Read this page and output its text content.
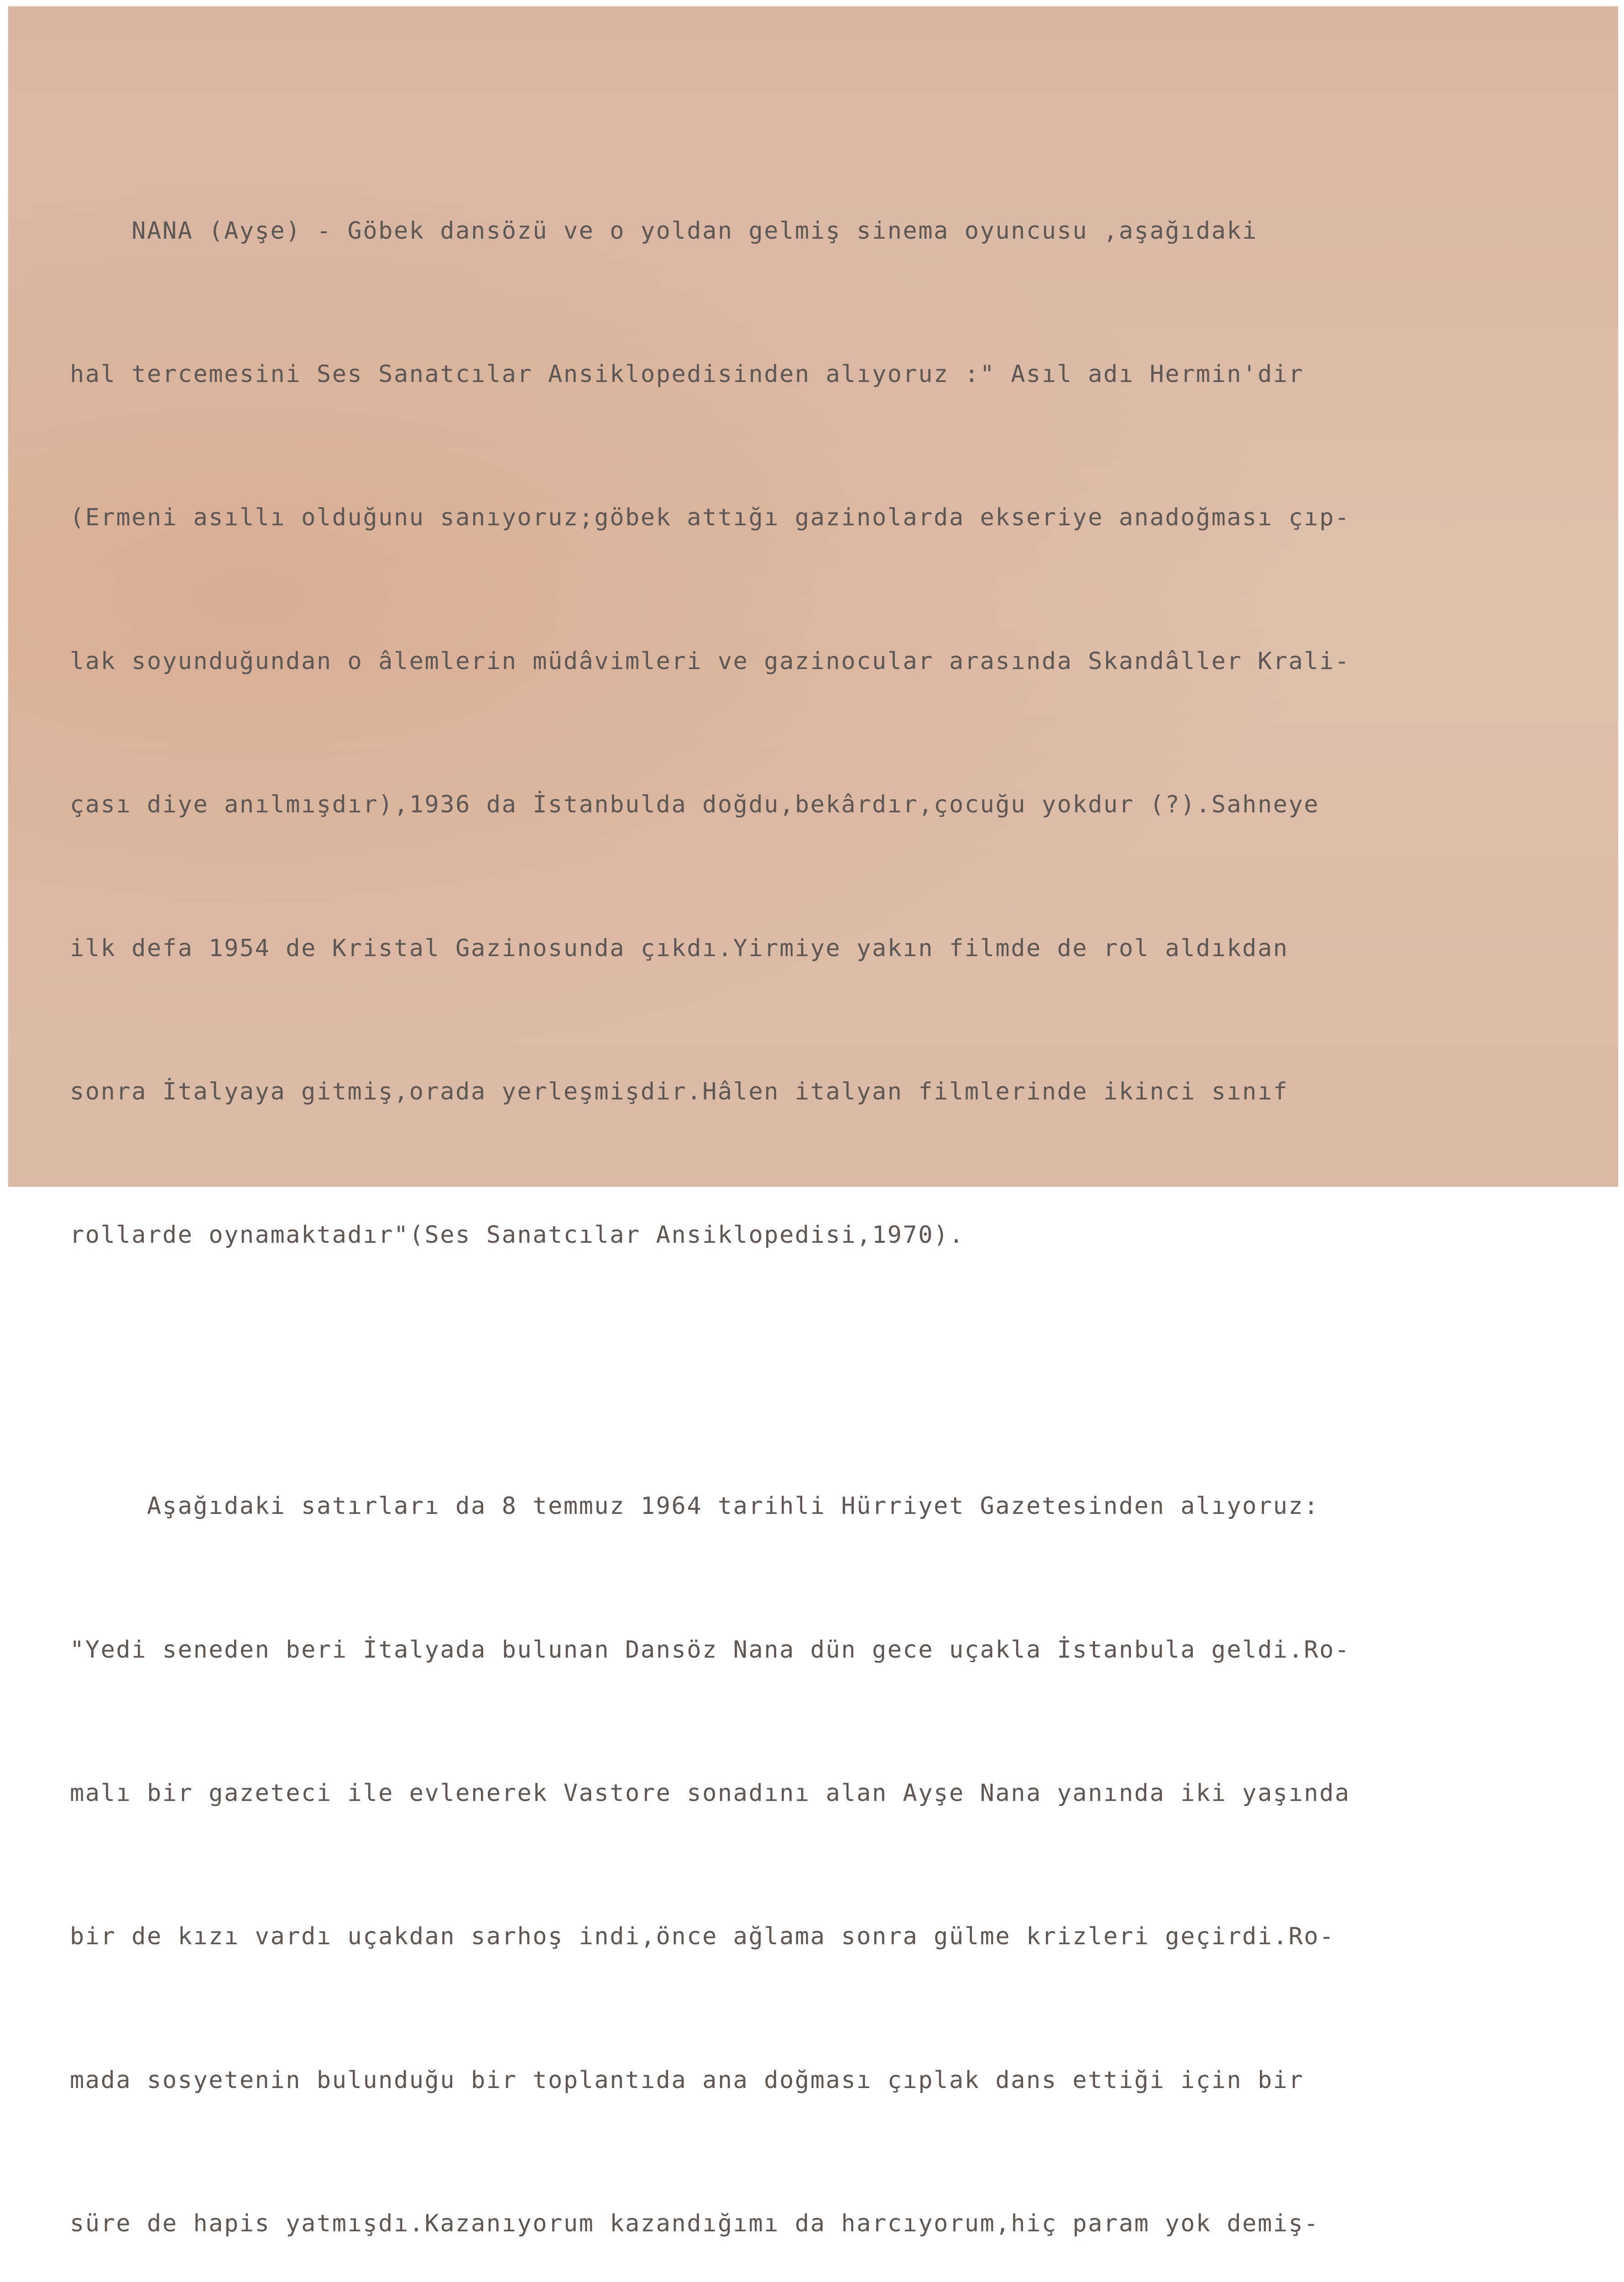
NANA (Ayşe) - Göbek dansözü ve o yoldan gelmiş sinema oyuncusu ,aşağıdaki

hal tercemesini Ses Sanatcılar Ansiklopedisinden alıyoruz :" Asıl adı Hermin'dir

(Ermeni asıllı olduğunu sanıyoruz;göbek attığı gazinolarda ekseriye anadoğması çıp-

lak soyunduğundan o âlemlerin müdâvimleri ve gazinocular arasında Skandâller Krali-

çası diye anılmışdır),1936 da İstanbulda doğdu,bekârdır,çocuğu yokdur (?).Sahneye

ilk defa 1954 de Kristal Gazinosunda çıkdı.Yirmiye yakın filmde de rol aldıkdan

sonra İtalyaya gitmiş,orada yerleşmişdir.Hâlen italyan filmlerinde ikinci sınıf

rollarde oynamaktadır"(Ses Sanatcılar Ansiklopedisi,1970).

Aşağıdaki satırları da 8 temmuz 1964 tarihli Hürriyet Gazetesinden alıyoruz:

"Yedi seneden beri İtalyada bulunan Dansöz Nana dün gece uçakla İstanbula geldi.Ro-

malı bir gazeteci ile evlenerek Vastore sonadını alan Ayşe Nana yanında iki yaşında

bir de kızı vardı uçakdan sarhoş indi,önce ağlama sonra gülme krizleri geçirdi.Ro-

mada sosyetenin bulunduğu bir toplantıda ana doğması çıplak dans ettiği için bir

süre de hapis yatmışdı.Kazanıyorum kazandığımı da harcıyorum,hiç param yok demiş-
